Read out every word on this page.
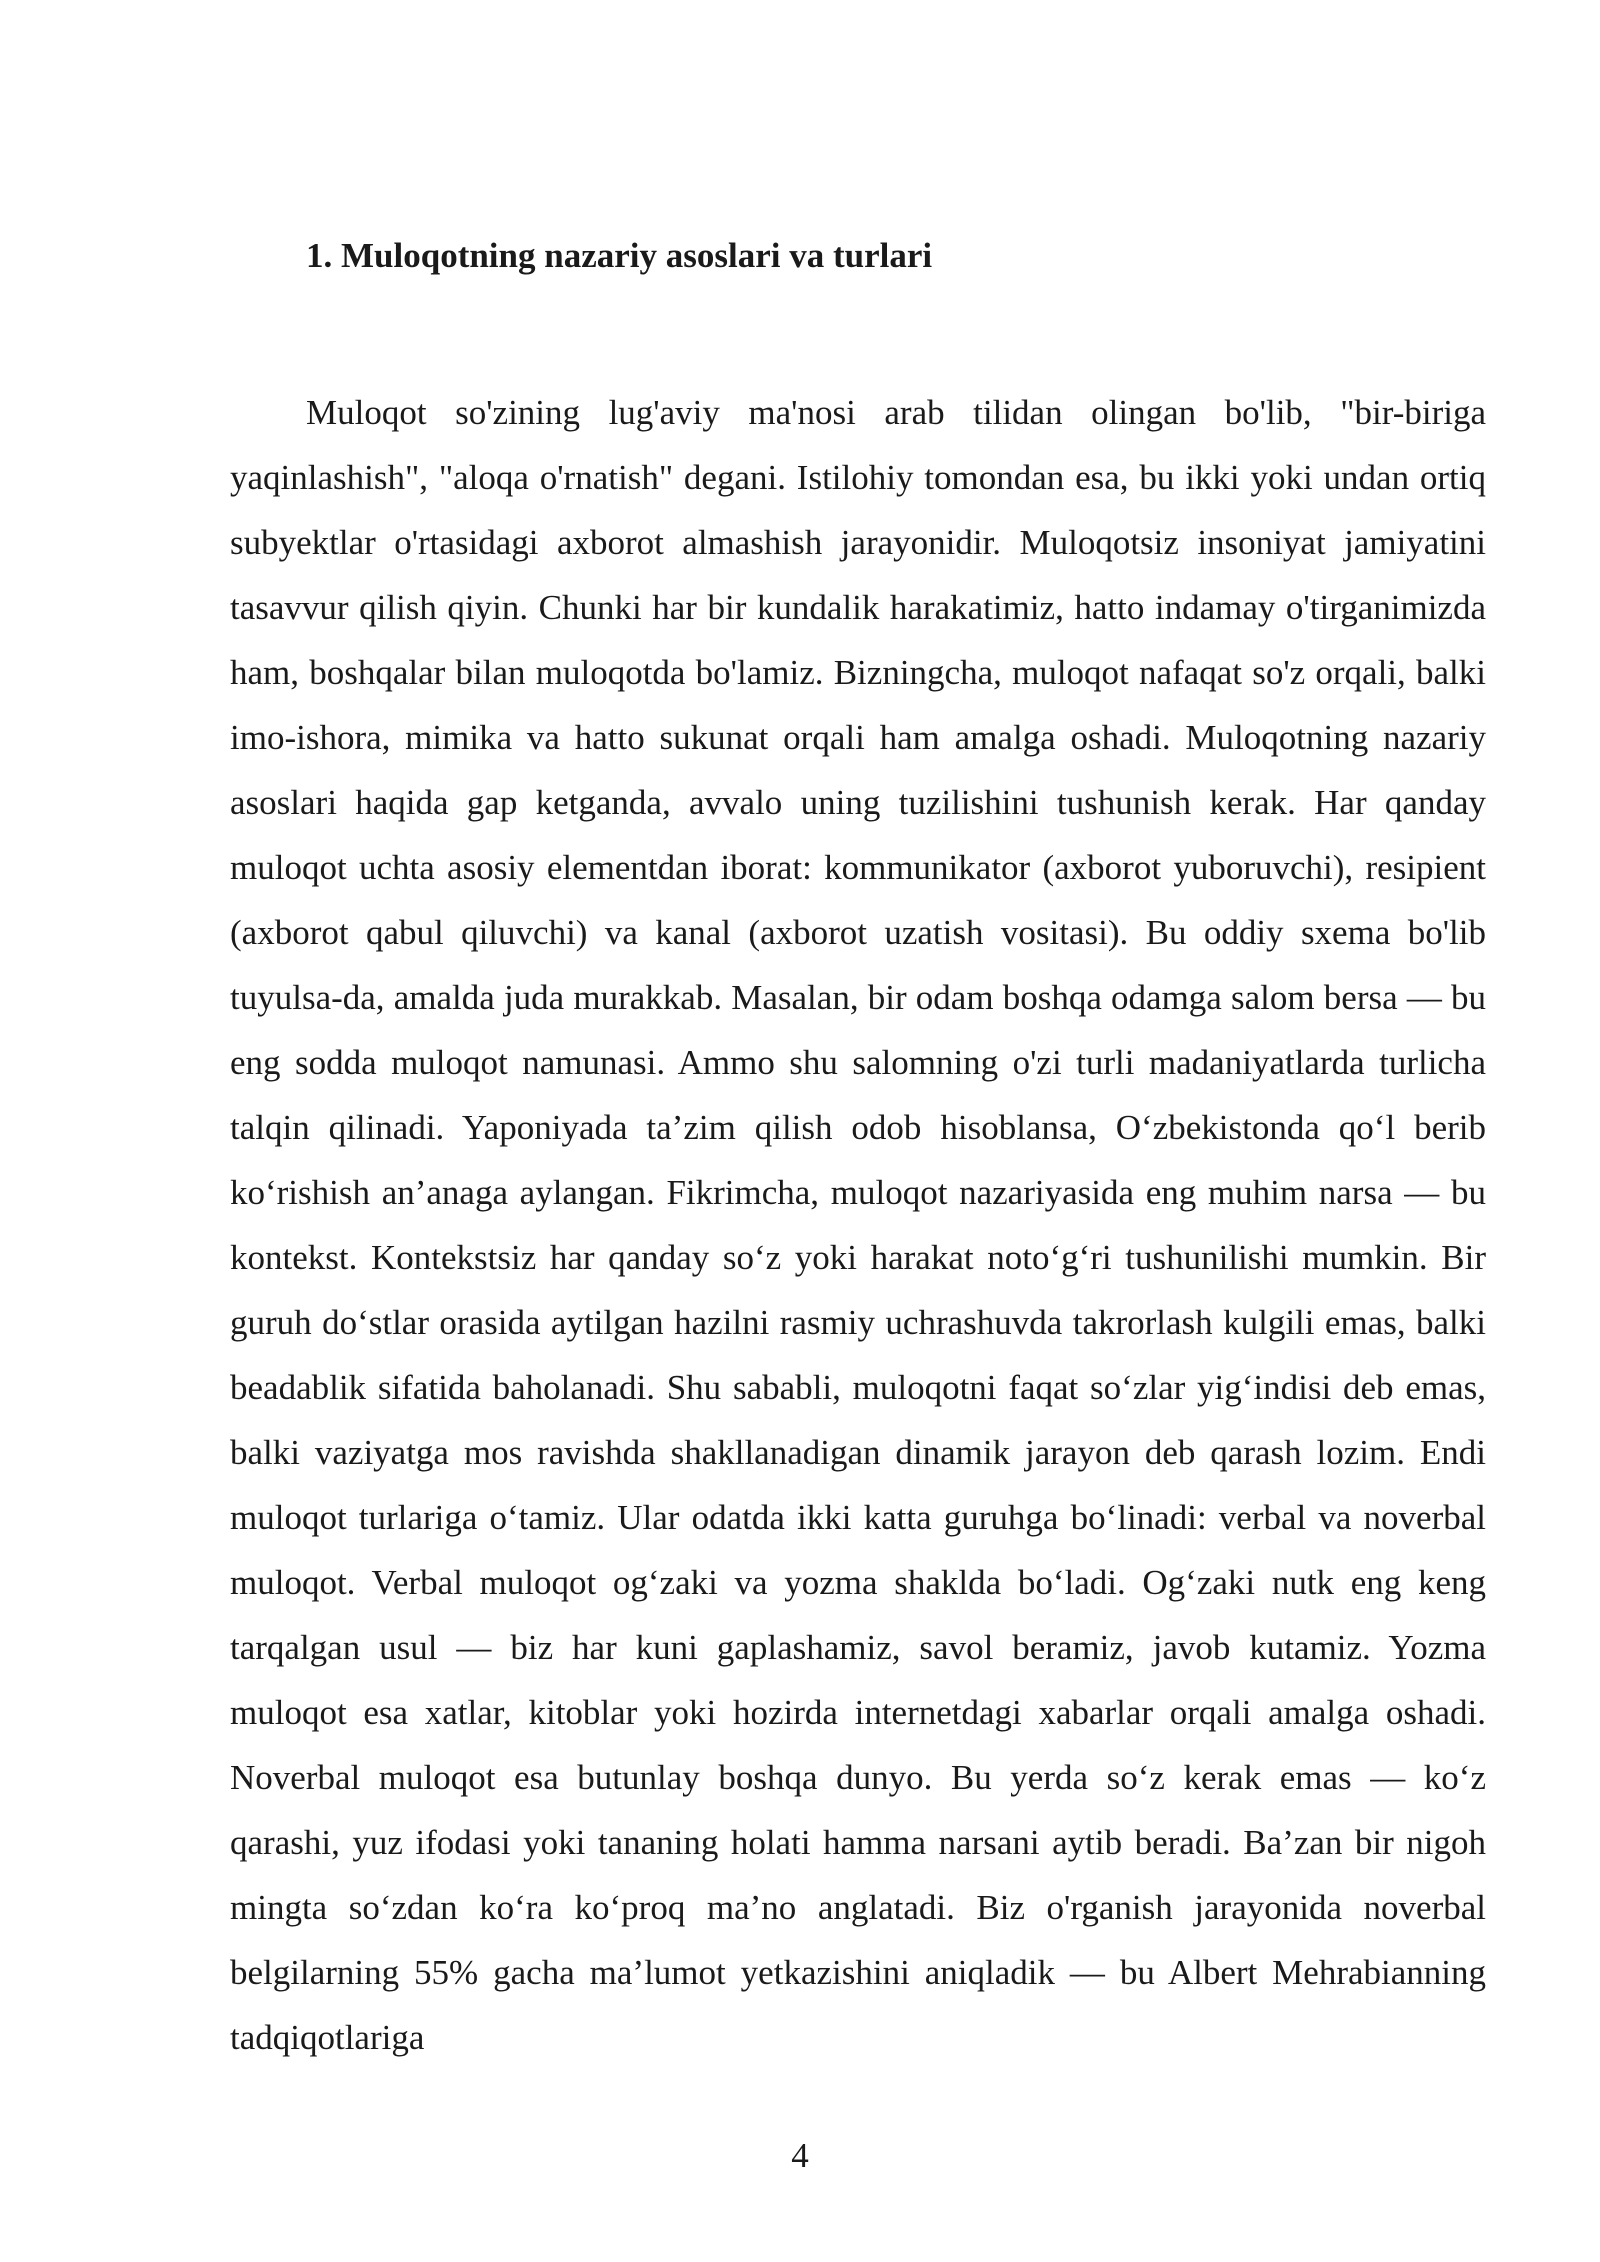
1. Muloqotning nazariy asoslari va turlari

Muloqot so'zining lug'aviy ma'nosi arab tilidan olingan bo'lib, "bir-biriga yaqinlashish", "aloqa o'rnatish" degani. Istilohiy tomondan esa, bu ikki yoki undan ortiq subyektlar o'rtasidagi axborot almashish jarayonidir. Muloqotsiz insoniyat jamiyatini tasavvur qilish qiyin. Chunki har bir kundalik harakatimiz, hatto indamay o'tirganimizda ham, boshqalar bilan muloqotda bo'lamiz. Bizningcha, muloqot nafaqat so'z orqali, balki imo-ishora, mimika va hatto sukunat orqali ham amalga oshadi. Muloqotning nazariy asoslari haqida gap ketganda, avvalo uning tuzilishini tushunish kerak. Har qanday muloqot uchta asosiy elementdan iborat: kommunikator (axborot yuboruvchi), resipient (axborot qabul qiluvchi) va kanal (axborot uzatish vositasi). Bu oddiy sxema bo'lib tuyulsa-da, amalda juda murakkab. Masalan, bir odam boshqa odamga salom bersa — bu eng sodda muloqot namunasi. Ammo shu salomning o'zi turli madaniyatlarda turlicha talqin qilinadi. Yaponiyada ta’zim qilish odob hisoblansa, O‘zbekistonda qo‘l berib ko‘rishish an’anaga aylangan. Fikrimcha, muloqot nazariyasida eng muhim narsa — bu kontekst. Kontekstsiz har qanday so‘z yoki harakat noto‘g‘ri tushunilishi mumkin. Bir guruh do‘stlar orasida aytilgan hazilni rasmiy uchrashuvda takrorlash kulgili emas, balki beadablik sifatida baholanadi. Shu sababli, muloqotni faqat so‘zlar yig‘indisi deb emas, balki vaziyatga mos ravishda shakllanadigan dinamik jarayon deb qarash lozim. Endi muloqot turlariga o‘tamiz. Ular odatda ikki katta guruhga bo‘linadi: verbal va noverbal muloqot. Verbal muloqot og‘zaki va yozma shaklda bo‘ladi. Og‘zaki nutk eng keng tarqalgan usul — biz har kuni gaplashamiz, savol beramiz, javob kutamiz. Yozma muloqot esa xatlar, kitoblar yoki hozirda internetdagi xabarlar orqali amalga oshadi. Noverbal muloqot esa butunlay boshqa dunyo. Bu yerda so‘z kerak emas — ko‘z qarashi, yuz ifodasi yoki tananing holati hamma narsani aytib beradi. Ba’zan bir nigoh mingta so‘zdan ko‘ra ko‘proq ma’no anglatadi. Biz o'rganish jarayonida noverbal belgilarning 55% gacha ma’lumot yetkazishini aniqladik — bu Albert Mehrabianning tadqiqotlariga

4
